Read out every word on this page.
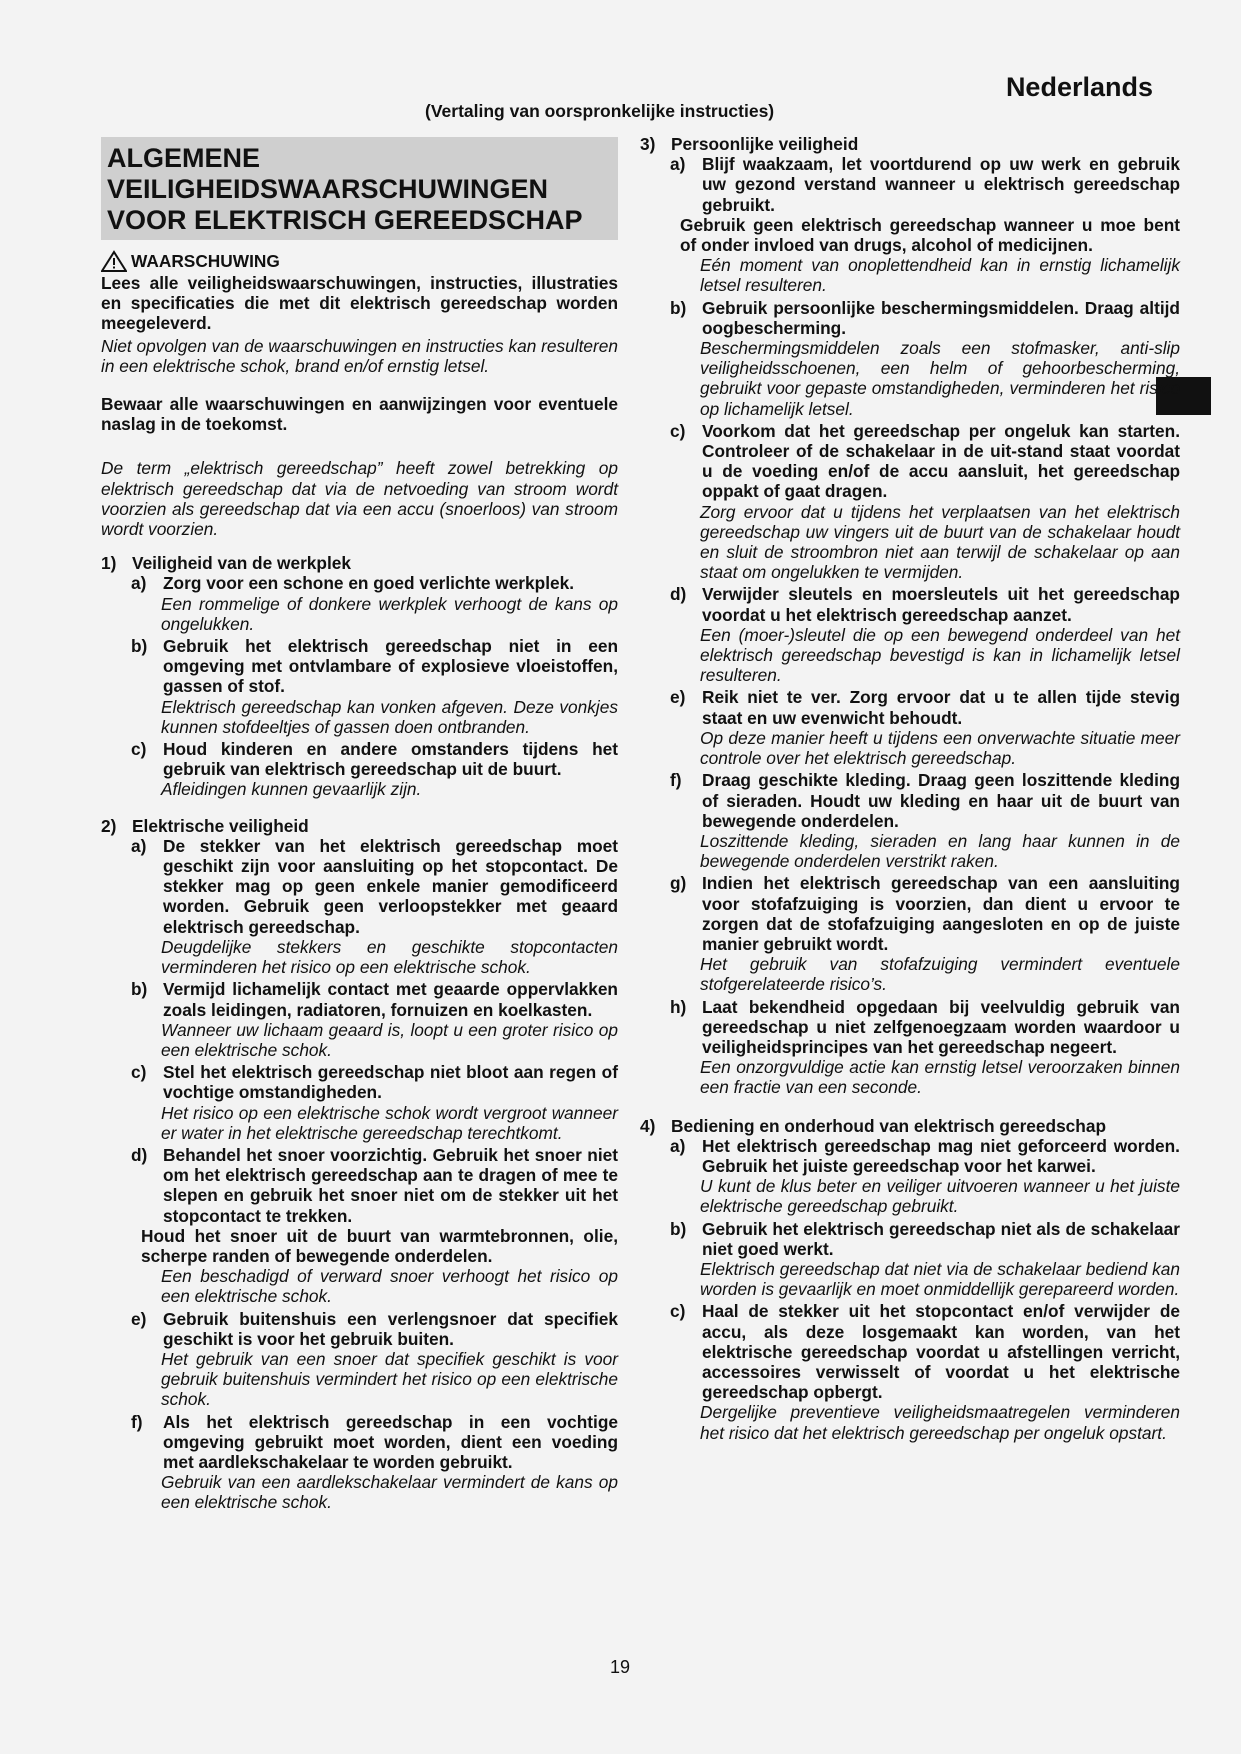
Nederlands
(Vertaling van oorspronkelijke instructies)
ALGEMENE
VEILIGHEIDSWAARSCHUWINGEN
VOOR ELEKTRISCH GEREEDSCHAP
WAARSCHUWING
Lees alle veiligheidswaarschuwingen, instructies, illustraties en specificaties die met dit elektrisch gereedschap worden meegeleverd.
Niet opvolgen van de waarschuwingen en instructies kan resulteren in een elektrische schok, brand en/of ernstig letsel.
Bewaar alle waarschuwingen en aanwijzingen voor eventuele naslag in de toekomst.
De term „elektrisch gereedschap” heeft zowel betrekking op elektrisch gereedschap dat via de netvoeding van stroom wordt voorzien als gereedschap dat via een accu (snoerloos) van stroom wordt voorzien.
1) Veiligheid van de werkplek
a) Zorg voor een schone en goed verlichte werkplek.
Een rommelige of donkere werkplek verhoogt de kans op ongelukken.
b) Gebruik het elektrisch gereedschap niet in een omgeving met ontvlambare of explosieve vloeistoffen, gassen of stof.
Elektrisch gereedschap kan vonken afgeven. Deze vonkjes kunnen stofdeeltjes of gassen doen ontbranden.
c) Houd kinderen en andere omstanders tijdens het gebruik van elektrisch gereedschap uit de buurt.
Afleidingen kunnen gevaarlijk zijn.
2) Elektrische veiligheid
a) De stekker van het elektrisch gereedschap moet geschikt zijn voor aansluiting op het stopcontact. De stekker mag op geen enkele manier gemodificeerd worden. Gebruik geen verloopstekker met geaard elektrisch gereedschap.
Deugdelijke stekkers en geschikte stopcontacten verminderen het risico op een elektrische schok.
b) Vermijd lichamelijk contact met geaarde oppervlakken zoals leidingen, radiatoren, fornuizen en koelkasten.
Wanneer uw lichaam geaard is, loopt u een groter risico op een elektrische schok.
c) Stel het elektrisch gereedschap niet bloot aan regen of vochtige omstandigheden.
Het risico op een elektrische schok wordt vergroot wanneer er water in het elektrische gereedschap terechtkomt.
d) Behandel het snoer voorzichtig. Gebruik het snoer niet om het elektrisch gereedschap aan te dragen of mee te slepen en gebruik het snoer niet om de stekker uit het stopcontact te trekken.
Houd het snoer uit de buurt van warmtebronnen, olie, scherpe randen of bewegende onderdelen.
Een beschadigd of verward snoer verhoogt het risico op een elektrische schok.
e) Gebruik buitenshuis een verlengsnoer dat specifiek geschikt is voor het gebruik buiten.
Het gebruik van een snoer dat specifiek geschikt is voor gebruik buitenshuis vermindert het risico op een elektrische schok.
f)	Als het elektrisch gereedschap in een vochtige omgeving gebruikt moet worden, dient een voeding met aardlekschakelaar te worden gebruikt.
Gebruik van een aardlekschakelaar vermindert de kans op een elektrische schok.
3) Persoonlijke veiligheid
a) Blijf waakzaam, let voortdurend op uw werk en gebruik uw gezond verstand wanneer u elektrisch gereedschap gebruikt.
Gebruik geen elektrisch gereedschap wanneer u moe bent of onder invloed van drugs, alcohol of medicijnen.
Eén moment van onoplettendheid kan in ernstig lichamelijk letsel resulteren.
b) Gebruik persoonlijke beschermingsmiddelen. Draag altijd oogbescherming.
Beschermingsmiddelen zoals een stofmasker, anti-slip veiligheidsschoenen, een helm of gehoorbescherming, gebruikt voor gepaste omstandigheden, verminderen het risico op lichamelijk letsel.
c) Voorkom dat het gereedschap per ongeluk kan starten. Controleer of de schakelaar in de uit-stand staat voordat u de voeding en/of de accu aansluit, het gereedschap oppakt of gaat dragen.
Zorg ervoor dat u tijdens het verplaatsen van het elektrisch gereedschap uw vingers uit de buurt van de schakelaar houdt en sluit de stroombron niet aan terwijl de schakelaar op aan staat om ongelukken te vermijden.
d) Verwijder sleutels en moersleutels uit het gereedschap voordat u het elektrisch gereedschap aanzet.
Een (moer-)sleutel die op een bewegend onderdeel van het elektrisch gereedschap bevestigd is kan in lichamelijk letsel resulteren.
e) Reik niet te ver. Zorg ervoor dat u te allen tijde stevig staat en uw evenwicht behoudt.
Op deze manier heeft u tijdens een onverwachte situatie meer controle over het elektrisch gereedschap.
f)	Draag geschikte kleding. Draag geen loszittende kleding of sieraden. Houdt uw kleding en haar uit de buurt van bewegende onderdelen.
Loszittende kleding, sieraden en lang haar kunnen in de bewegende onderdelen verstrikt raken.
g) Indien het elektrisch gereedschap van een aansluiting voor stofafzuiging is voorzien, dan dient u ervoor te zorgen dat de stofafzuiging aangesloten en op de juiste manier gebruikt wordt.
Het gebruik van stofafzuiging vermindert eventuele stofgerelateerde risico’s.
h) Laat bekendheid opgedaan bij veelvuldig gebruik van gereedschap u niet zelfgenoegzaam worden waardoor u veiligheidsprincipes van het gereedschap negeert.
Een onzorgvuldige actie kan ernstig letsel veroorzaken binnen een fractie van een seconde.
4) Bediening en onderhoud van elektrisch gereedschap
a) Het elektrisch gereedschap mag niet geforceerd worden. Gebruik het juiste gereedschap voor het karwei.
U kunt de klus beter en veiliger uitvoeren wanneer u het juiste elektrische gereedschap gebruikt.
b) Gebruik het elektrisch gereedschap niet als de schakelaar niet goed werkt.
Elektrisch gereedschap dat niet via de schakelaar bediend kan worden is gevaarlijk en moet onmiddellijk gerepareerd worden.
c) Haal de stekker uit het stopcontact en/of verwijder de accu, als deze losgemaakt kan worden, van het elektrische gereedschap voordat u afstellingen verricht, accessoires verwisselt of voordat u het elektrische gereedschap opbergt.
Dergelijke preventieve veiligheidsmaatregelen verminderen het risico dat het elektrisch gereedschap per ongeluk opstart.
19
